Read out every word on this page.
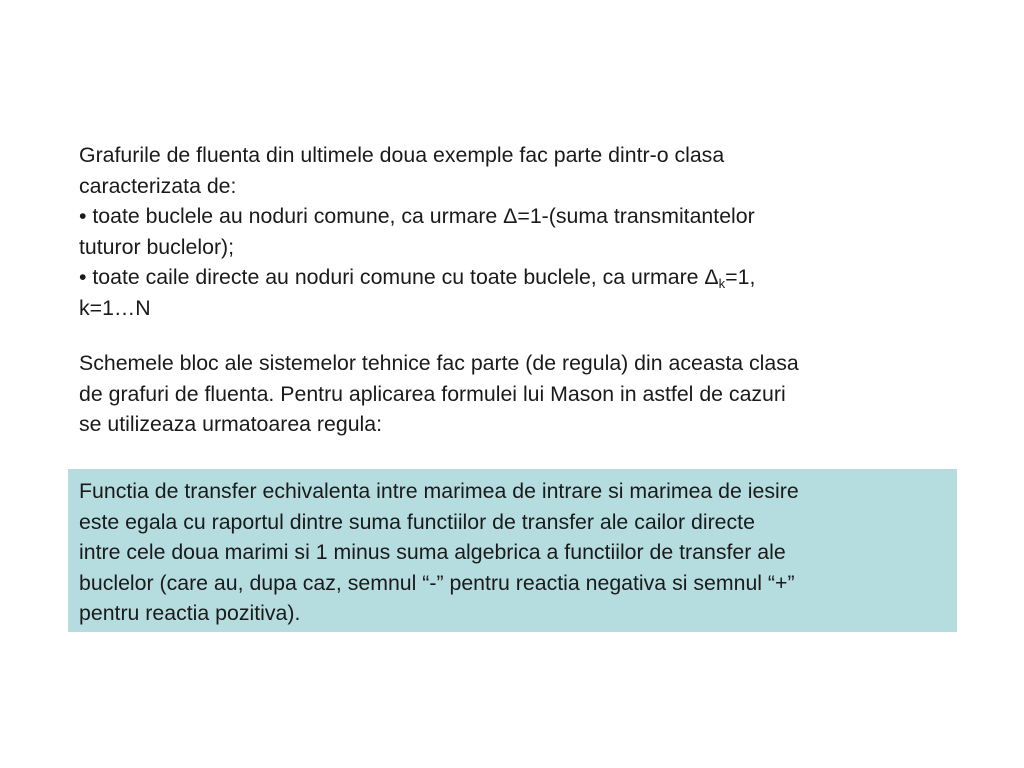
Grafurile de fluenta din ultimele doua exemple fac parte dintr-o clasa
caracterizata de:
• toate buclele au noduri comune, ca urmare Δ=1-(suma transmitantelor
tuturor buclelor);
• toate caile directe au noduri comune cu toate buclele, ca urmare $\Delta_k=1$,
k=1…N
Schemele bloc ale sistemelor tehnice fac parte (de regula) din aceasta clasa
de grafuri de fluenta. Pentru aplicarea formulei lui Mason in astfel de cazuri
se utilizeaza urmatoarea regula:
Functia de transfer echivalenta intre marimea de intrare si marimea de iesire
este egala cu raportul dintre suma functiilor de transfer ale cailor directe
intre cele doua marimi si 1 minus suma algebrica a functiilor de transfer ale
buclelor (care au, dupa caz, semnul “-” pentru reactia negativa si semnul “+”
pentru reactia pozitiva).
